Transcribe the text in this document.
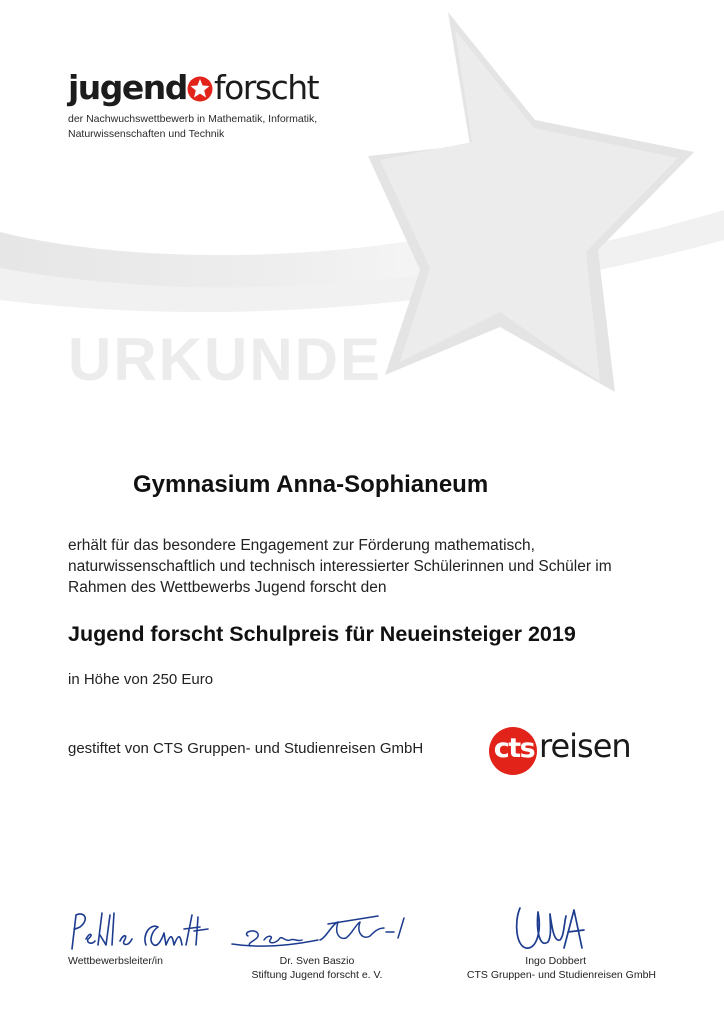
jugend forscht
der Nachwuchswettbewerb in Mathematik, Informatik, Naturwissenschaften und Technik
URKUNDE
Gymnasium Anna-Sophianeum
erhält für das besondere Engagement zur Förderung mathematisch, naturwissenschaftlich und technisch interessierter Schülerinnen und Schüler im Rahmen des Wettbewerbs Jugend forscht den
Jugend forscht Schulpreis für Neueinsteiger 2019
in Höhe von 250 Euro
gestiftet von CTS Gruppen- und Studienreisen GmbH	cts reisen
Wettbewerbsleiter/in	Dr. Sven Baszio
Stiftung Jugend forscht e. V.
Ingo Dobbert
CTS Gruppen- und Studienreisen GmbH
